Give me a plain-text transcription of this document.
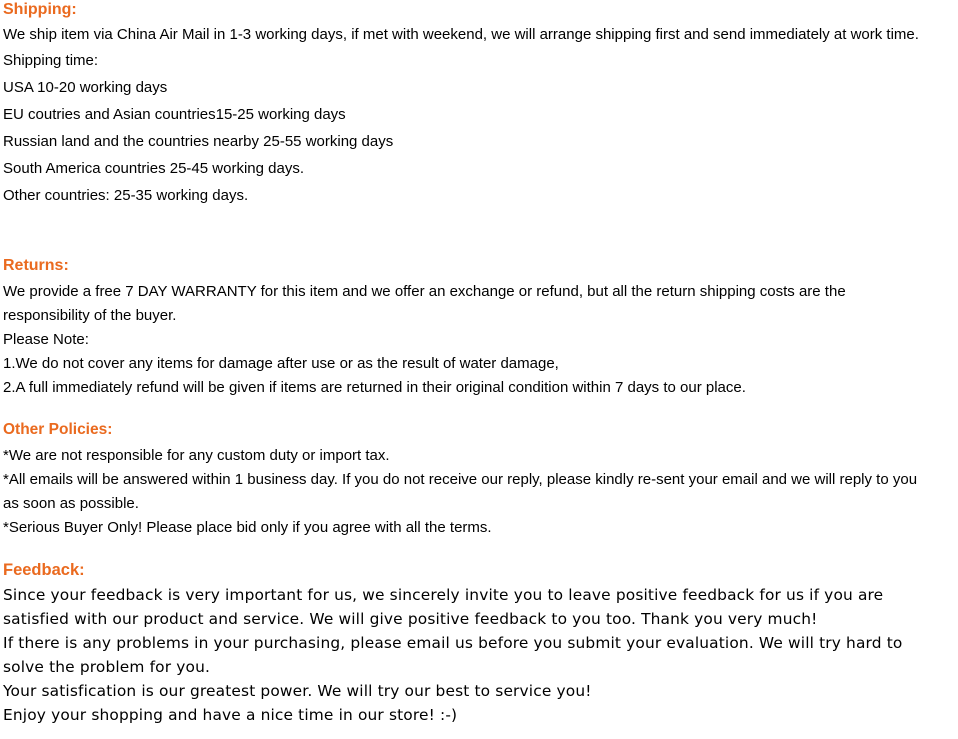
Shipping:
We ship item via China Air Mail in 1-3 working days, if met with weekend, we will arrange shipping first and send immediately at work time.
Shipping time:
USA 10-20 working days
EU coutries and Asian countries15-25 working days
Russian land and the countries nearby 25-55 working days
South America countries 25-45 working days.
Other countries: 25-35 working days.
Returns:
We provide a free 7 DAY WARRANTY for this item and we offer an exchange or refund, but all the return shipping costs are the
responsibility of the buyer.
Please Note:
1.We do not cover any items for damage after use or as the result of water damage,
2.A full immediately refund will be given if items are returned in their original condition within 7 days to our place.
Other Policies:
*We are not responsible for any custom duty or import tax.
*All emails will be answered within 1 business day. If you do not receive our reply, please kindly re-sent your email and we will reply to you
as soon as possible.
*Serious Buyer Only! Please place bid only if you agree with all the terms.
Feedback:
Since your feedback is very important for us, we sincerely invite you to leave positive feedback for us if you are
satisfied with our product and service. We will give positive feedback to you too. Thank you very much!
If there is any problems in your purchasing, please email us before you submit your evaluation. We will try hard to
solve the problem for you.
Your satisfication is our greatest power. We will try our best to service you!
Enjoy your shopping and have a nice time in our store! :-)
